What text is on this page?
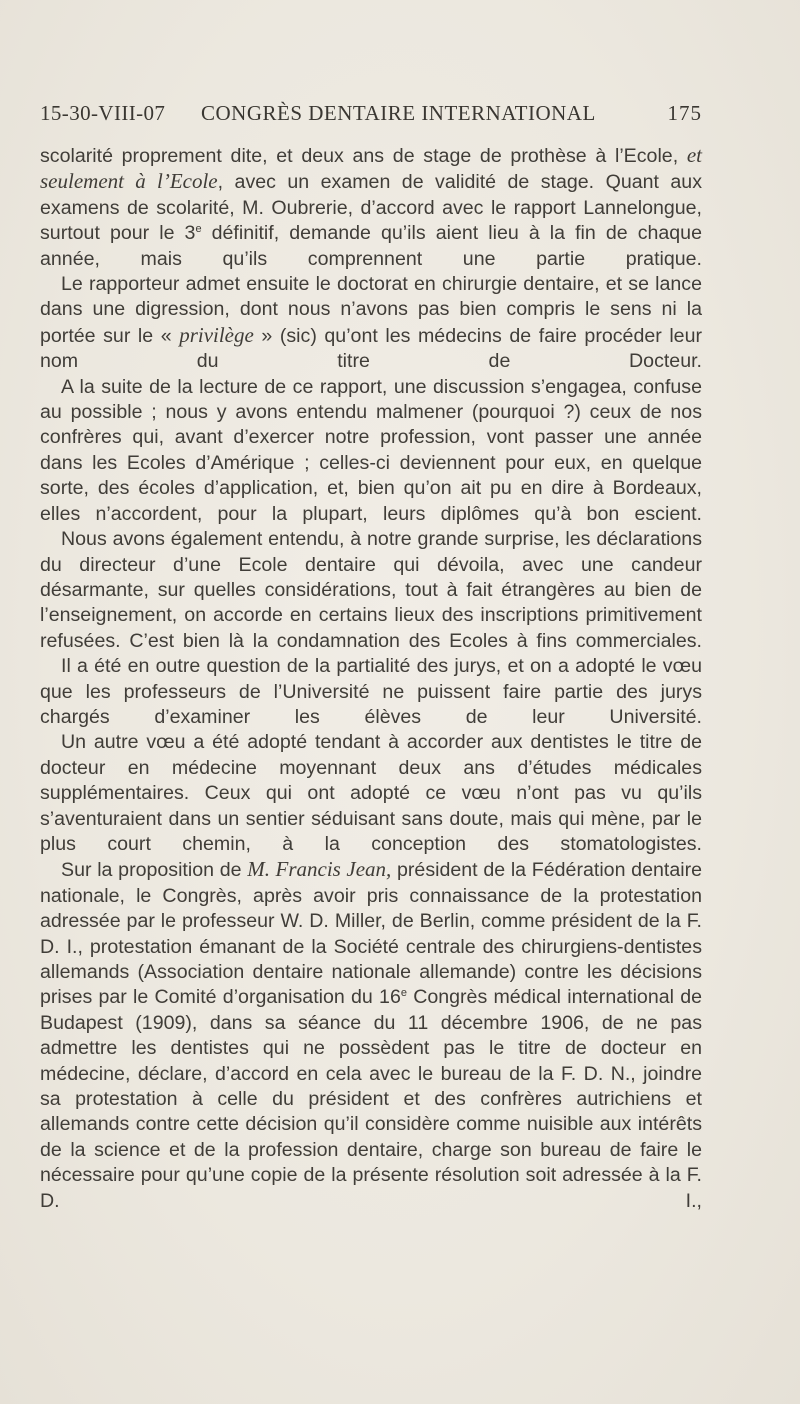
15-30-VIII-07 CONGRÈS DENTAIRE INTERNATIONAL	175

scolarité proprement dite, et deux ans de stage de prothèse à l’Ecole, et seulement à l’Ecole, avec un examen de validité de stage. Quant aux examens de scolarité, M. Oubrerie, d’accord avec le rapport Lannelongue, surtout pour le 3e définitif, demande qu’ils aient lieu à la fin de chaque année, mais qu’ils comprennent une partie pratique.

Le rapporteur admet ensuite le doctorat en chirurgie dentaire, et se lance dans une digression, dont nous n’avons pas bien compris le sens ni la portée sur le « privilège » (sic) qu’ont les médecins de faire procéder leur nom du titre de Docteur.

A la suite de la lecture de ce rapport, une discussion s’engagea, confuse au possible ; nous y avons entendu malmener (pourquoi ?) ceux de nos confrères qui, avant d’exercer notre profession, vont passer une année dans les Ecoles d’Amérique ; celles-ci deviennent pour eux, en quelque sorte, des écoles d’application, et, bien qu’on ait pu en dire à Bordeaux, elles n’accordent, pour la plupart, leurs diplômes qu’à bon escient.

Nous avons également entendu, à notre grande surprise, les déclarations du directeur d’une Ecole dentaire qui dévoila, avec une candeur désarmante, sur quelles considérations, tout à fait étrangères au bien de l’enseignement, on accorde en certains lieux des inscriptions primitivement refusées. C’est bien là la condamnation des Ecoles à fins commerciales.

Il a été en outre question de la partialité des jurys, et on a adopté le vœu que les professeurs de l’Université ne puissent faire partie des jurys chargés d’examiner les élèves de leur Université.

Un autre vœu a été adopté tendant à accorder aux dentistes le titre de docteur en médecine moyennant deux ans d’études médicales supplémentaires. Ceux qui ont adopté ce vœu n’ont pas vu qu’ils s’aventuraient dans un sentier séduisant sans doute, mais qui mène, par le plus court chemin, à la conception des stomatologistes.

Sur la proposition de M. Francis Jean, président de la Fédération dentaire nationale, le Congrès, après avoir pris connaissance de la protestation adressée par le professeur W. D. Miller, de Berlin, comme président de la F. D. I., protestation émanant de la Société centrale des chirurgiens-dentistes allemands (Association dentaire nationale allemande) contre les décisions prises par le Comité d’organisation du 16e Congrès médical international de Budapest (1909), dans sa séance du 11 décembre 1906, de ne pas admettre les dentistes qui ne possèdent pas le titre de docteur en médecine, déclare, d’accord en cela avec le bureau de la F. D. N., joindre sa protestation à celle du président et des confrères autrichiens et allemands contre cette décision qu’il considère comme nuisible aux intérêts de la science et de la profession dentaire, charge son bureau de faire le nécessaire pour qu’une copie de la présente résolution soit adressée à la F. D. I.,
